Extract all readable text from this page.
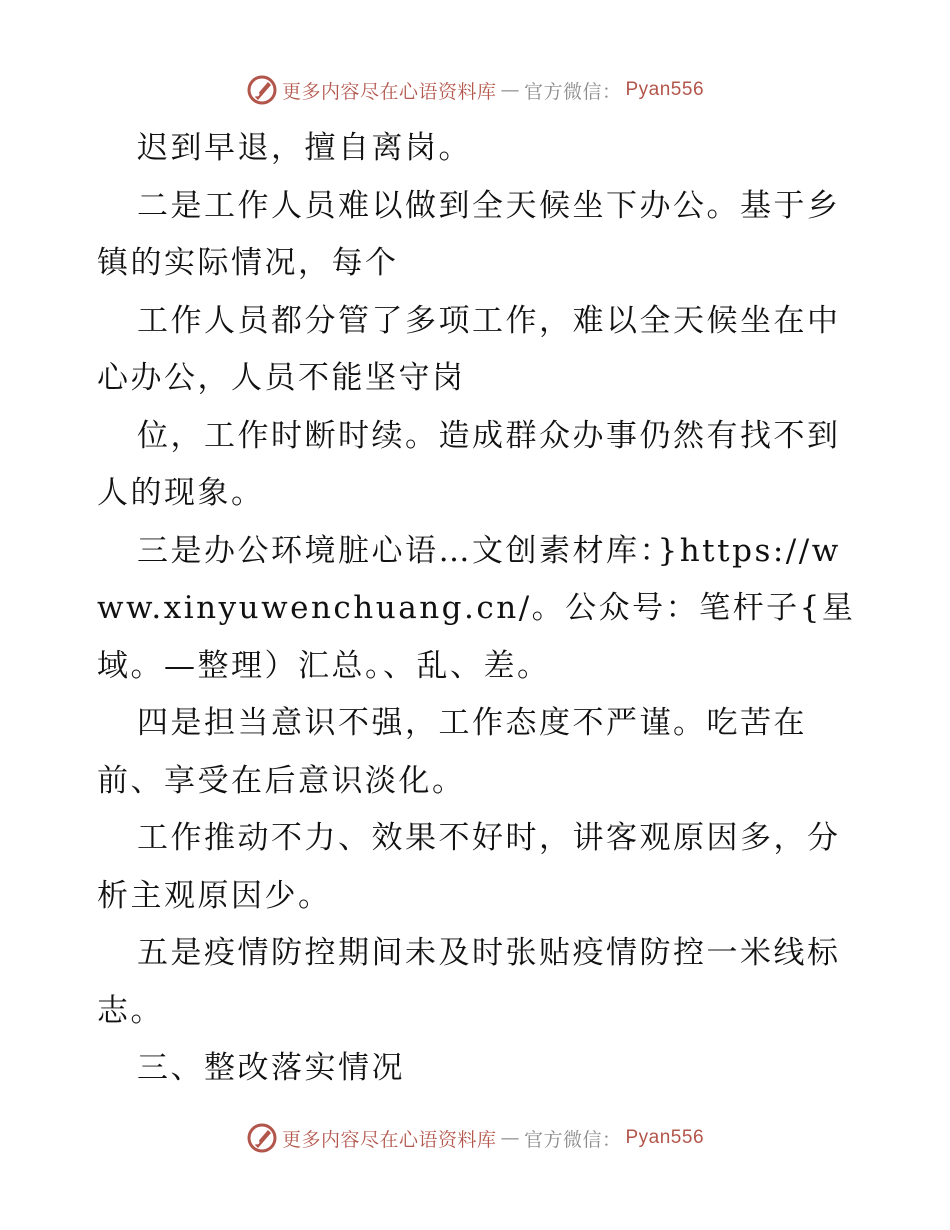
更多内容尽在心语资料库 — 官方微信： Pyan556

迟到早退，擅自离岗。

二是工作人员难以做到全天候坐下办公。基于乡镇的实际情况，每个

工作人员都分管了多项工作，难以全天候坐在中心办公，人员不能坚守岗

位，工作时断时续。造成群众办事仍然有找不到人的现象。

三是办公环境脏心语…文创素材库：}https://www.xinyuwenchuang.cn/。公众号：笔杆子{星域。—整理）汇总。、乱、差。

四是担当意识不强，工作态度不严谨。吃苦在前、享受在后意识淡化。

工作推动不力、效果不好时，讲客观原因多，分析主观原因少。

五是疫情防控期间未及时张贴疫情防控一米线标志。

三、整改落实情况

更多内容尽在心语资料库 — 官方微信： Pyan556
